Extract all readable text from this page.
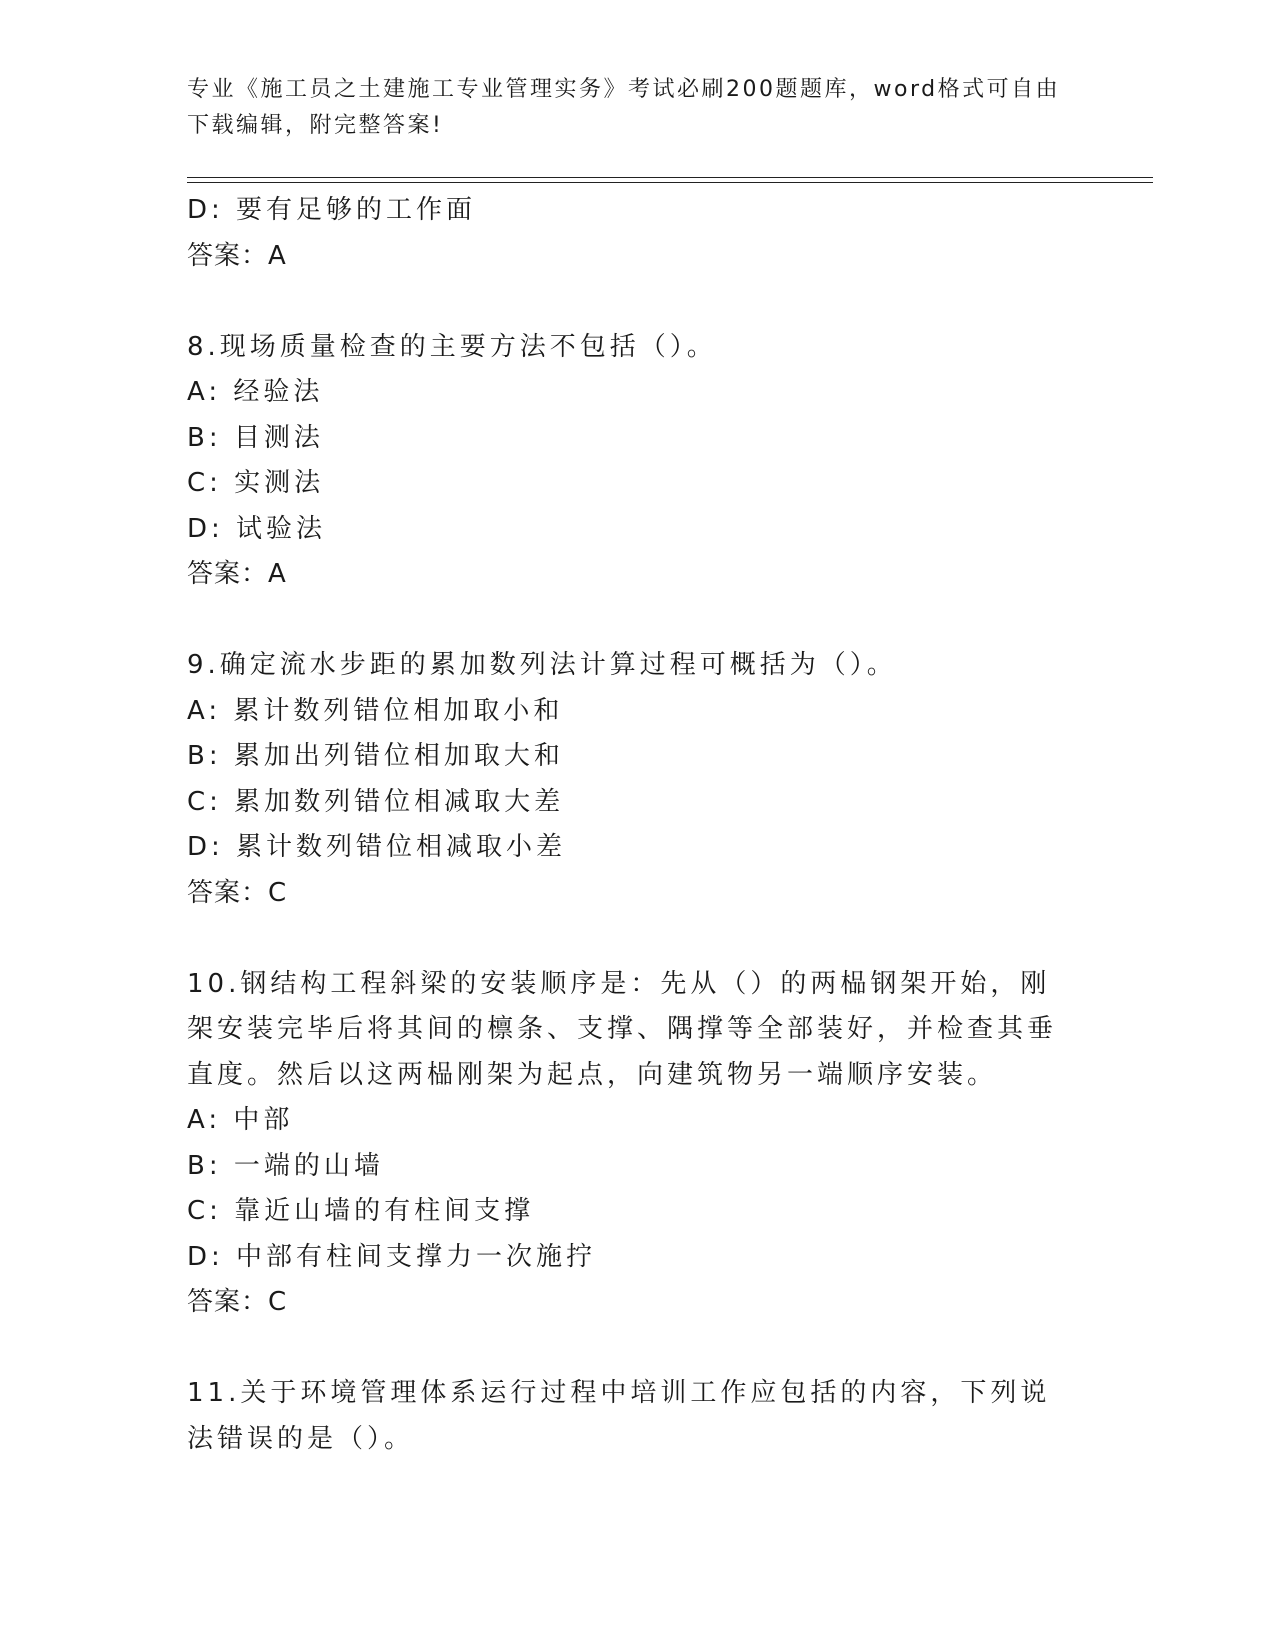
专业《施工员之土建施工专业管理实务》考试必刷200题题库，word格式可自由下载编辑，附完整答案!
D: 要有足够的工作面
答案：A
8.现场质量检查的主要方法不包括（）。
A: 经验法
B: 目测法
C: 实测法
D: 试验法
答案：A
9.确定流水步距的累加数列法计算过程可概括为（）。
A: 累计数列错位相加取小和
B: 累加出列错位相加取大和
C: 累加数列错位相减取大差
D: 累计数列错位相减取小差
答案：C
10.钢结构工程斜梁的安装顺序是：先从（）的两榀钢架开始，刚架安装完毕后将其间的檩条、支撑、隅撑等全部装好，并检查其垂直度。然后以这两榀刚架为起点，向建筑物另一端顺序安装。
A: 中部
B: 一端的山墙
C: 靠近山墙的有柱间支撑
D: 中部有柱间支撑力一次施拧
答案：C
11.关于环境管理体系运行过程中培训工作应包括的内容，下列说法错误的是（）。
